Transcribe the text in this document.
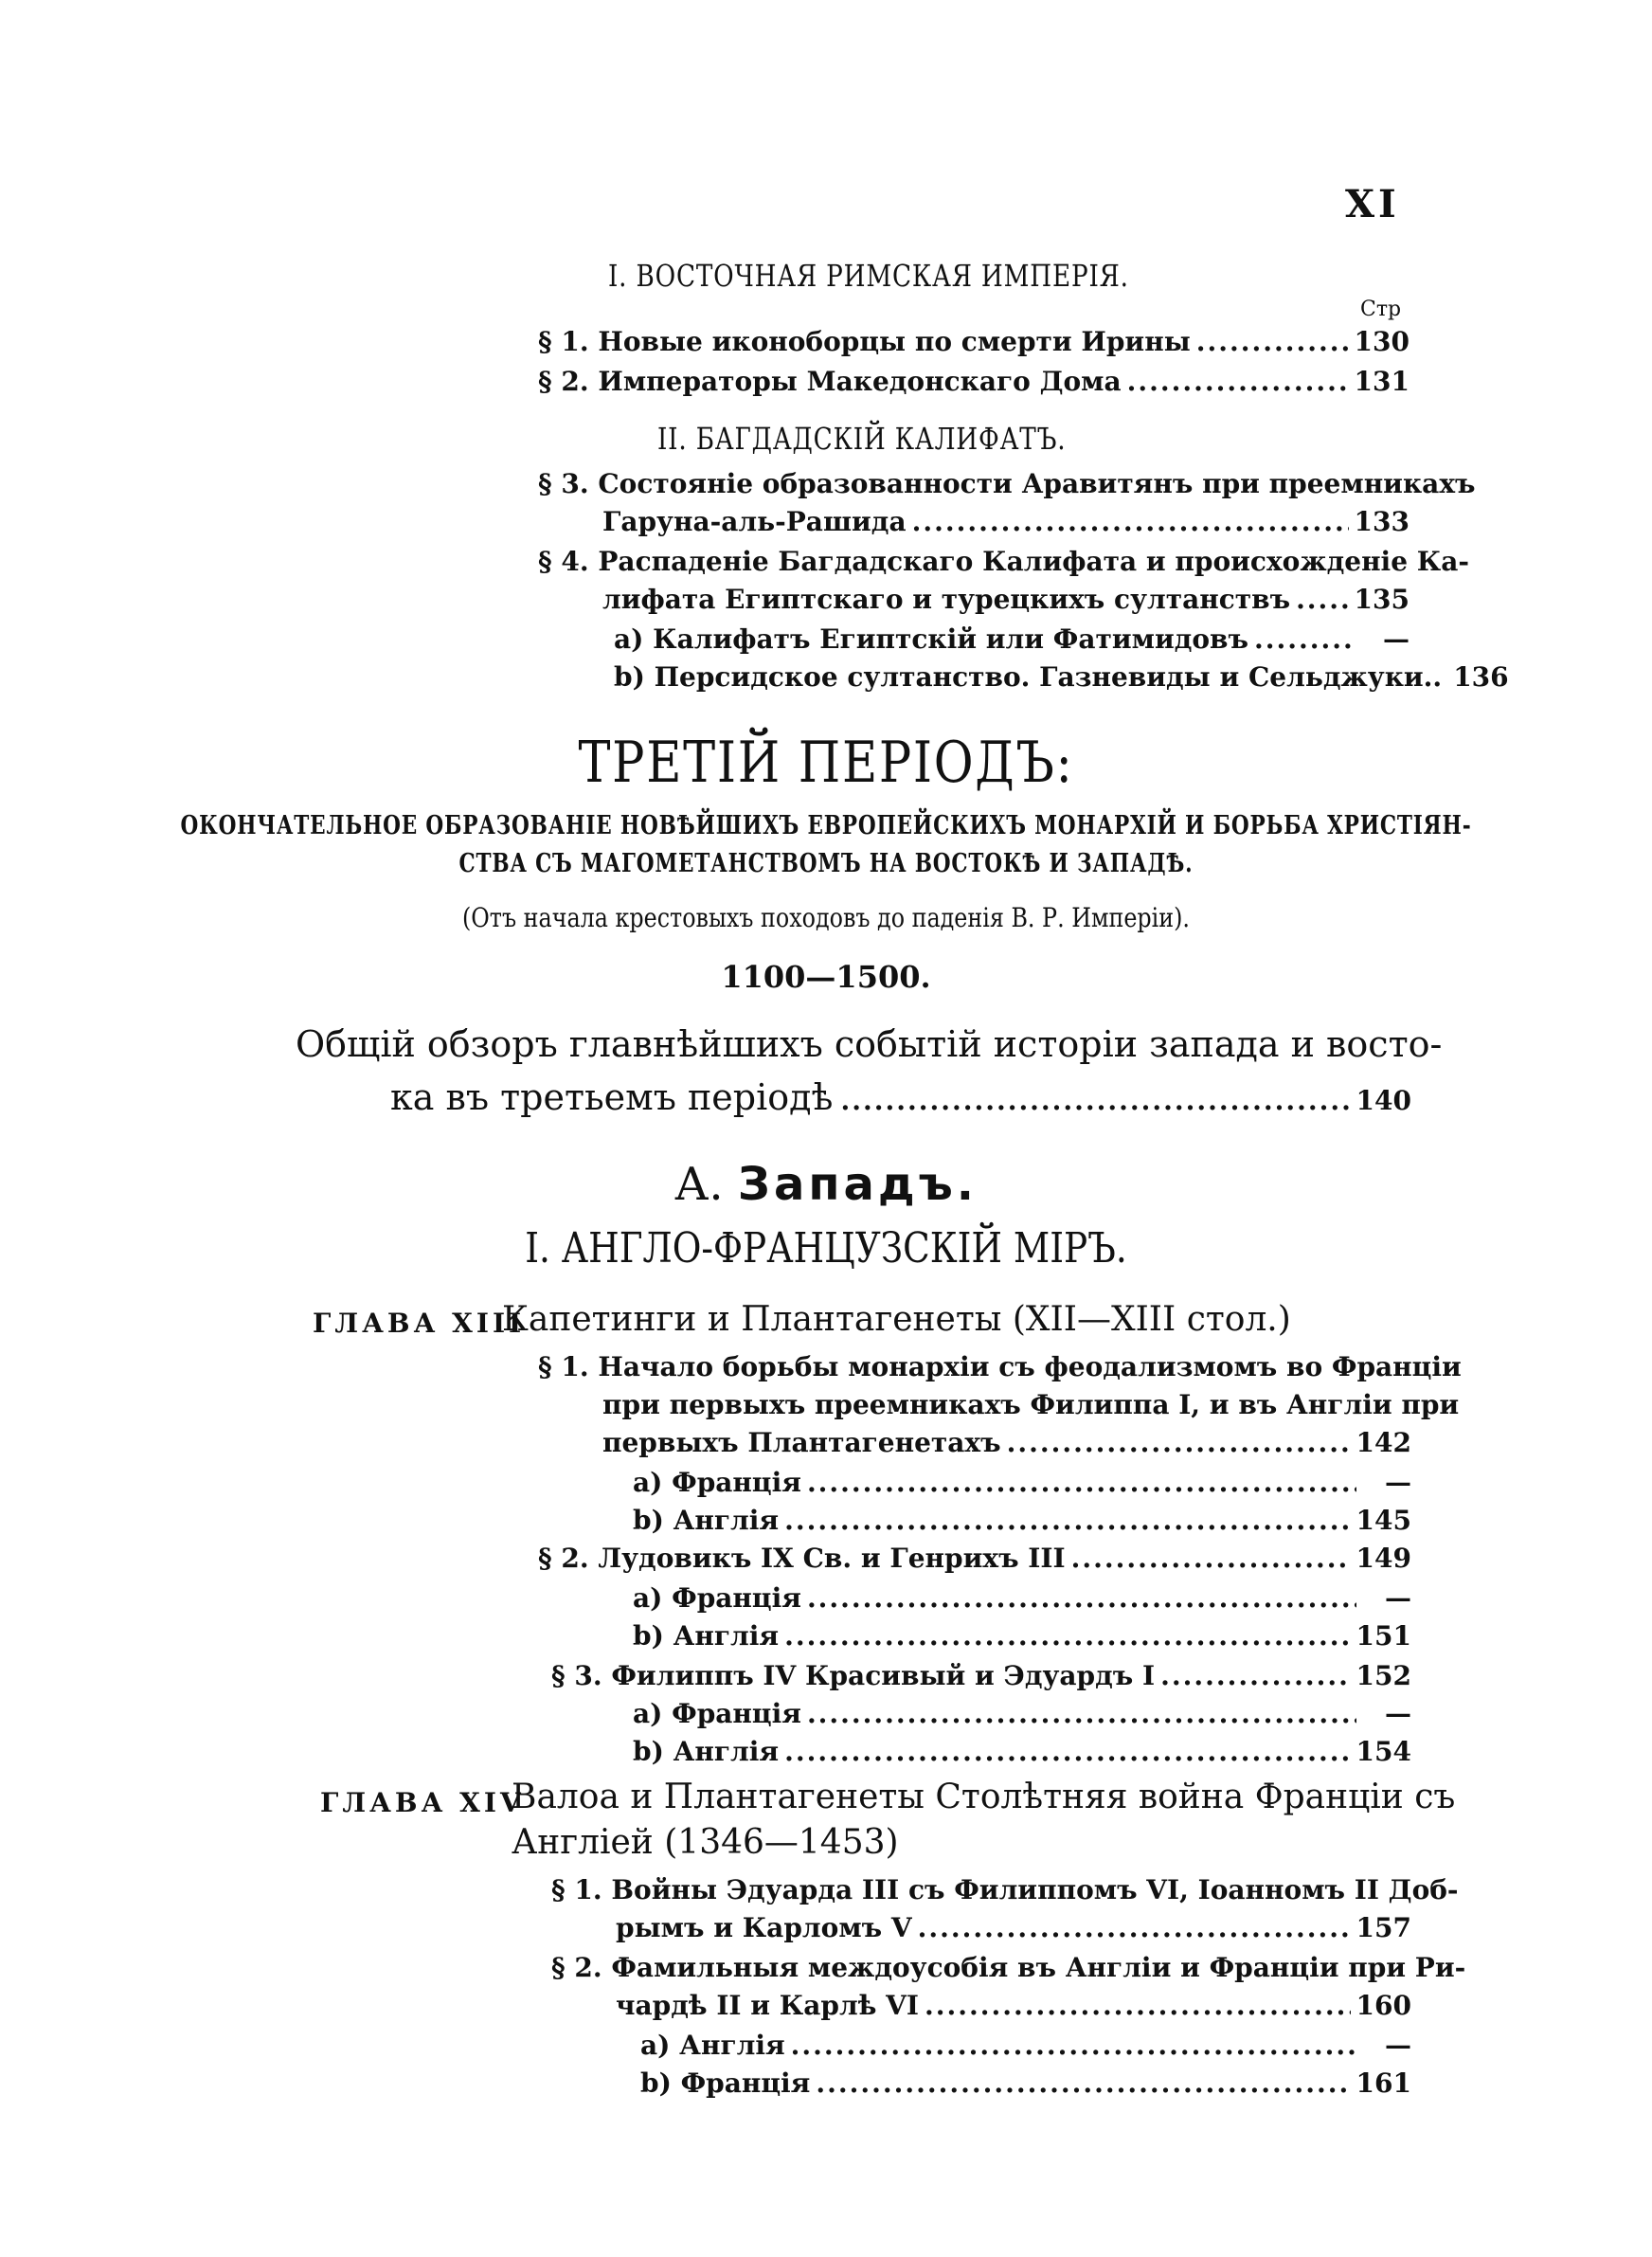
XI
I. ВОСТОЧНАЯ РИМСКАЯ ИМПЕРІЯ.
Стр
§ 1. Новые иконоборцы по смерти Ирины .....	130
§ 2. Императоры Македонскаго Дома .....	131
II. БАГДАДСКІЙ КАЛИФАТЪ.
§ 3. Состояніе образованности Аравитянъ при преемникахъ
Гаруна-аль-Рашида .....	133
§ 4. Распаденіе Багдадскаго Калифата и происхожденіе Ка-
лифата Египтскаго и турецкихъ султанствъ ..... 135
a) Калифатъ Египтскій или Фатимидовъ .....	—
b) Персидское султанство. Газневиды и Сельджуки.. 136
ТРЕТІЙ ПЕРІОДЪ:
ОКОНЧАТЕЛЬНОЕ ОБРАЗОВАНІЕ НОВѢЙШИХЪ ЕВРОПЕЙСКИХЪ МОНАРХІЙ И БОРЬБА ХРИСТІЯН-
СТВА СЪ МАГОМЕТАНСТВОМЪ НА ВОСТОКѢ И ЗАПАДѢ.
(Отъ начала крестовыхъ походовъ до паденія В. Р. Имперіи).
1100—1500.
Общій обзоръ главнѣйшихъ событій исторіи запада и восто-
ка въ третьемъ періодѣ .....	140
А. Западъ.
I. АНГЛО-ФРАНЦУЗСКІЙ МІРЪ.
ГЛАВА XIII
Капетинги и Плантагенеты (XII—XIII стол.)
§ 1. Начало борьбы монархіи съ феодализмомъ во Франціи
при первыхъ преемникахъ Филиппа I, и въ Англіи при
первыхъ Плантагенетахъ .....	142
a) Франція .....	—
b) Англія .....	145
§ 2. Лудовикъ IX Св. и Генрихъ III .....	149
a) Франція .....	—
b) Англія .....	151
§ 3. Филиппъ IV Красивый и Эдуардъ I .....	152
a) Франція .....	—
b) Англія .....	154
ГЛАВА XIV
Валоа и Плантагенеты Столѣтняя война Франціи съ
Англіей (1346—1453)
§ 1. Войны Эдуарда III съ Филиппомъ VI, Іоанномъ II Доб-
рымъ и Карломъ V .....	157
§ 2. Фамильныя междоусобія въ Англіи и Франціи при Ри-
чардѣ II и Карлѣ VI .....	160
a) Англія .....	—
b) Франція .....	161
